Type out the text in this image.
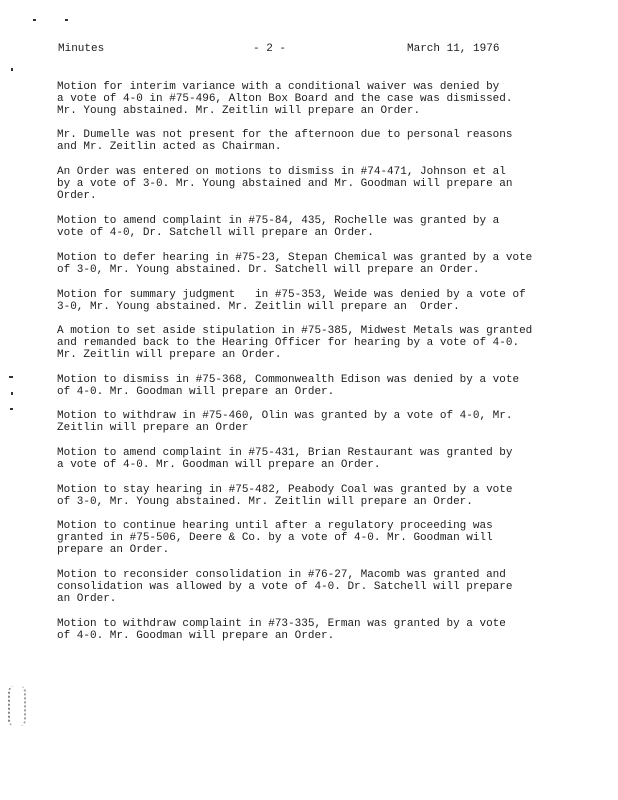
Minutes	- 2 -	March 11, 1976

Motion for interim variance with a conditional waiver was denied by
a vote of 4-0 in #75-496, Alton Box Board and the case was dismissed.
Mr. Young abstained. Mr. Zeitlin will prepare an Order.

Mr. Dumelle was not present for the afternoon due to personal reasons
and Mr. Zeitlin acted as Chairman.

An Order was entered on motions to dismiss in #74-471, Johnson et al
by a vote of 3-0. Mr. Young abstained and Mr. Goodman will prepare an
Order.

Motion to amend complaint in #75-84, 435, Rochelle was granted by a
vote of 4-0, Dr. Satchell will prepare an Order.

Motion to defer hearing in #75-23, Stepan Chemical was granted by a vote
of 3-0, Mr. Young abstained. Dr. Satchell will prepare an Order.

Motion for summary judgment   in #75-353, Weide was denied by a vote of
3-0, Mr. Young abstained. Mr. Zeitlin will prepare an  Order.

A motion to set aside stipulation in #75-385, Midwest Metals was granted
and remanded back to the Hearing Officer for hearing by a vote of 4-0.
Mr. Zeitlin will prepare an Order.

Motion to dismiss in #75-368, Commonwealth Edison was denied by a vote
of 4-0. Mr. Goodman will prepare an Order.

Motion to withdraw in #75-460, Olin was granted by a vote of 4-0, Mr.
Zeitlin will prepare an Order

Motion to amend complaint in #75-431, Brian Restaurant was granted by
a vote of 4-0. Mr. Goodman will prepare an Order.

Motion to stay hearing in #75-482, Peabody Coal was granted by a vote
of 3-0, Mr. Young abstained. Mr. Zeitlin will prepare an Order.

Motion to continue hearing until after a regulatory proceeding was
granted in #75-506, Deere & Co. by a vote of 4-0. Mr. Goodman will
prepare an Order.

Motion to reconsider consolidation in #76-27, Macomb was granted and
consolidation was allowed by a vote of 4-0. Dr. Satchell will prepare
an Order.

Motion to withdraw complaint in #73-335, Erman was granted by a vote
of 4-0. Mr. Goodman will prepare an Order.
